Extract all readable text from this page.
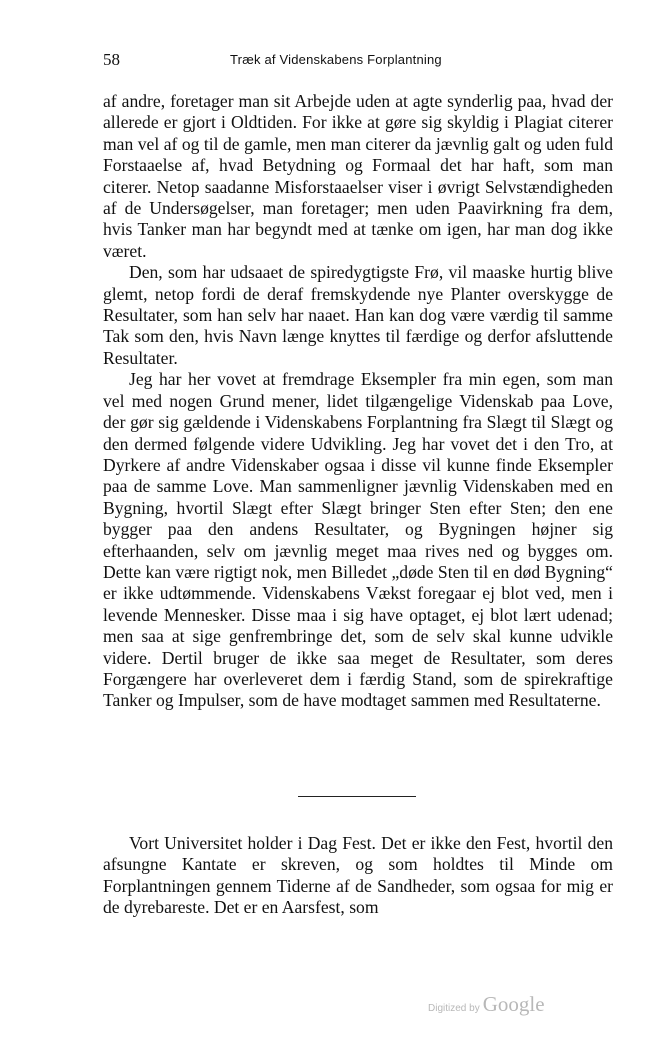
58	Træk af Videnskabens Forplantning

af andre, foretager man sit Arbejde uden at agte synderlig paa, hvad der allerede er gjort i Oldtiden. For ikke at gøre sig skyldig i Plagiat citerer man vel af og til de gamle, men man citerer da jævnlig galt og uden fuld Forstaaelse af, hvad Betydning og Formaal det har haft, som man citerer. Netop saadanne Misforstaaelser viser i øvrigt Selvstændigheden af de Undersøgelser, man foretager; men uden Paavirkning fra dem, hvis Tanker man har begyndt med at tænke om igen, har man dog ikke været.

Den, som har udsaaet de spiredygtigste Frø, vil maaske hurtig blive glemt, netop fordi de deraf fremskydende nye Planter overskygge de Resultater, som han selv har naaet. Han kan dog være værdig til samme Tak som den, hvis Navn længe knyttes til færdige og derfor afsluttende Resultater.

Jeg har her vovet at fremdrage Eksempler fra min egen, som man vel med nogen Grund mener, lidet tilgængelige Videnskab paa Love, der gør sig gældende i Videnskabens Forplantning fra Slægt til Slægt og den dermed følgende videre Udvikling. Jeg har vovet det i den Tro, at Dyrkere af andre Videnskaber ogsaa i disse vil kunne finde Eksempler paa de samme Love. Man sammenligner jævnlig Videnskaben med en Bygning, hvortil Slægt efter Slægt bringer Sten efter Sten; den ene bygger paa den andens Resultater, og Bygningen højner sig efterhaanden, selv om jævnlig meget maa rives ned og bygges om. Dette kan være rigtigt nok, men Billedet „døde Sten til en død Bygning“ er ikke udtømmende. Videnskabens Vækst foregaar ej blot ved, men i levende Mennesker. Disse maa i sig have optaget, ej blot lært udenad; men saa at sige genfrembringe det, som de selv skal kunne udvikle videre. Dertil bruger de ikke saa meget de Resultater, som deres Forgængere har overleveret dem i færdig Stand, som de spirekraftige Tanker og Impulser, som de have modtaget sammen med Resultaterne.

Vort Universitet holder i Dag Fest. Det er ikke den Fest, hvortil den afsungne Kantate er skreven, og som holdtes til Minde om Forplantningen gennem Tiderne af de Sandheder, som ogsaa for mig er de dyrebareste. Det er en Aarsfest, som

Digitized by Google
